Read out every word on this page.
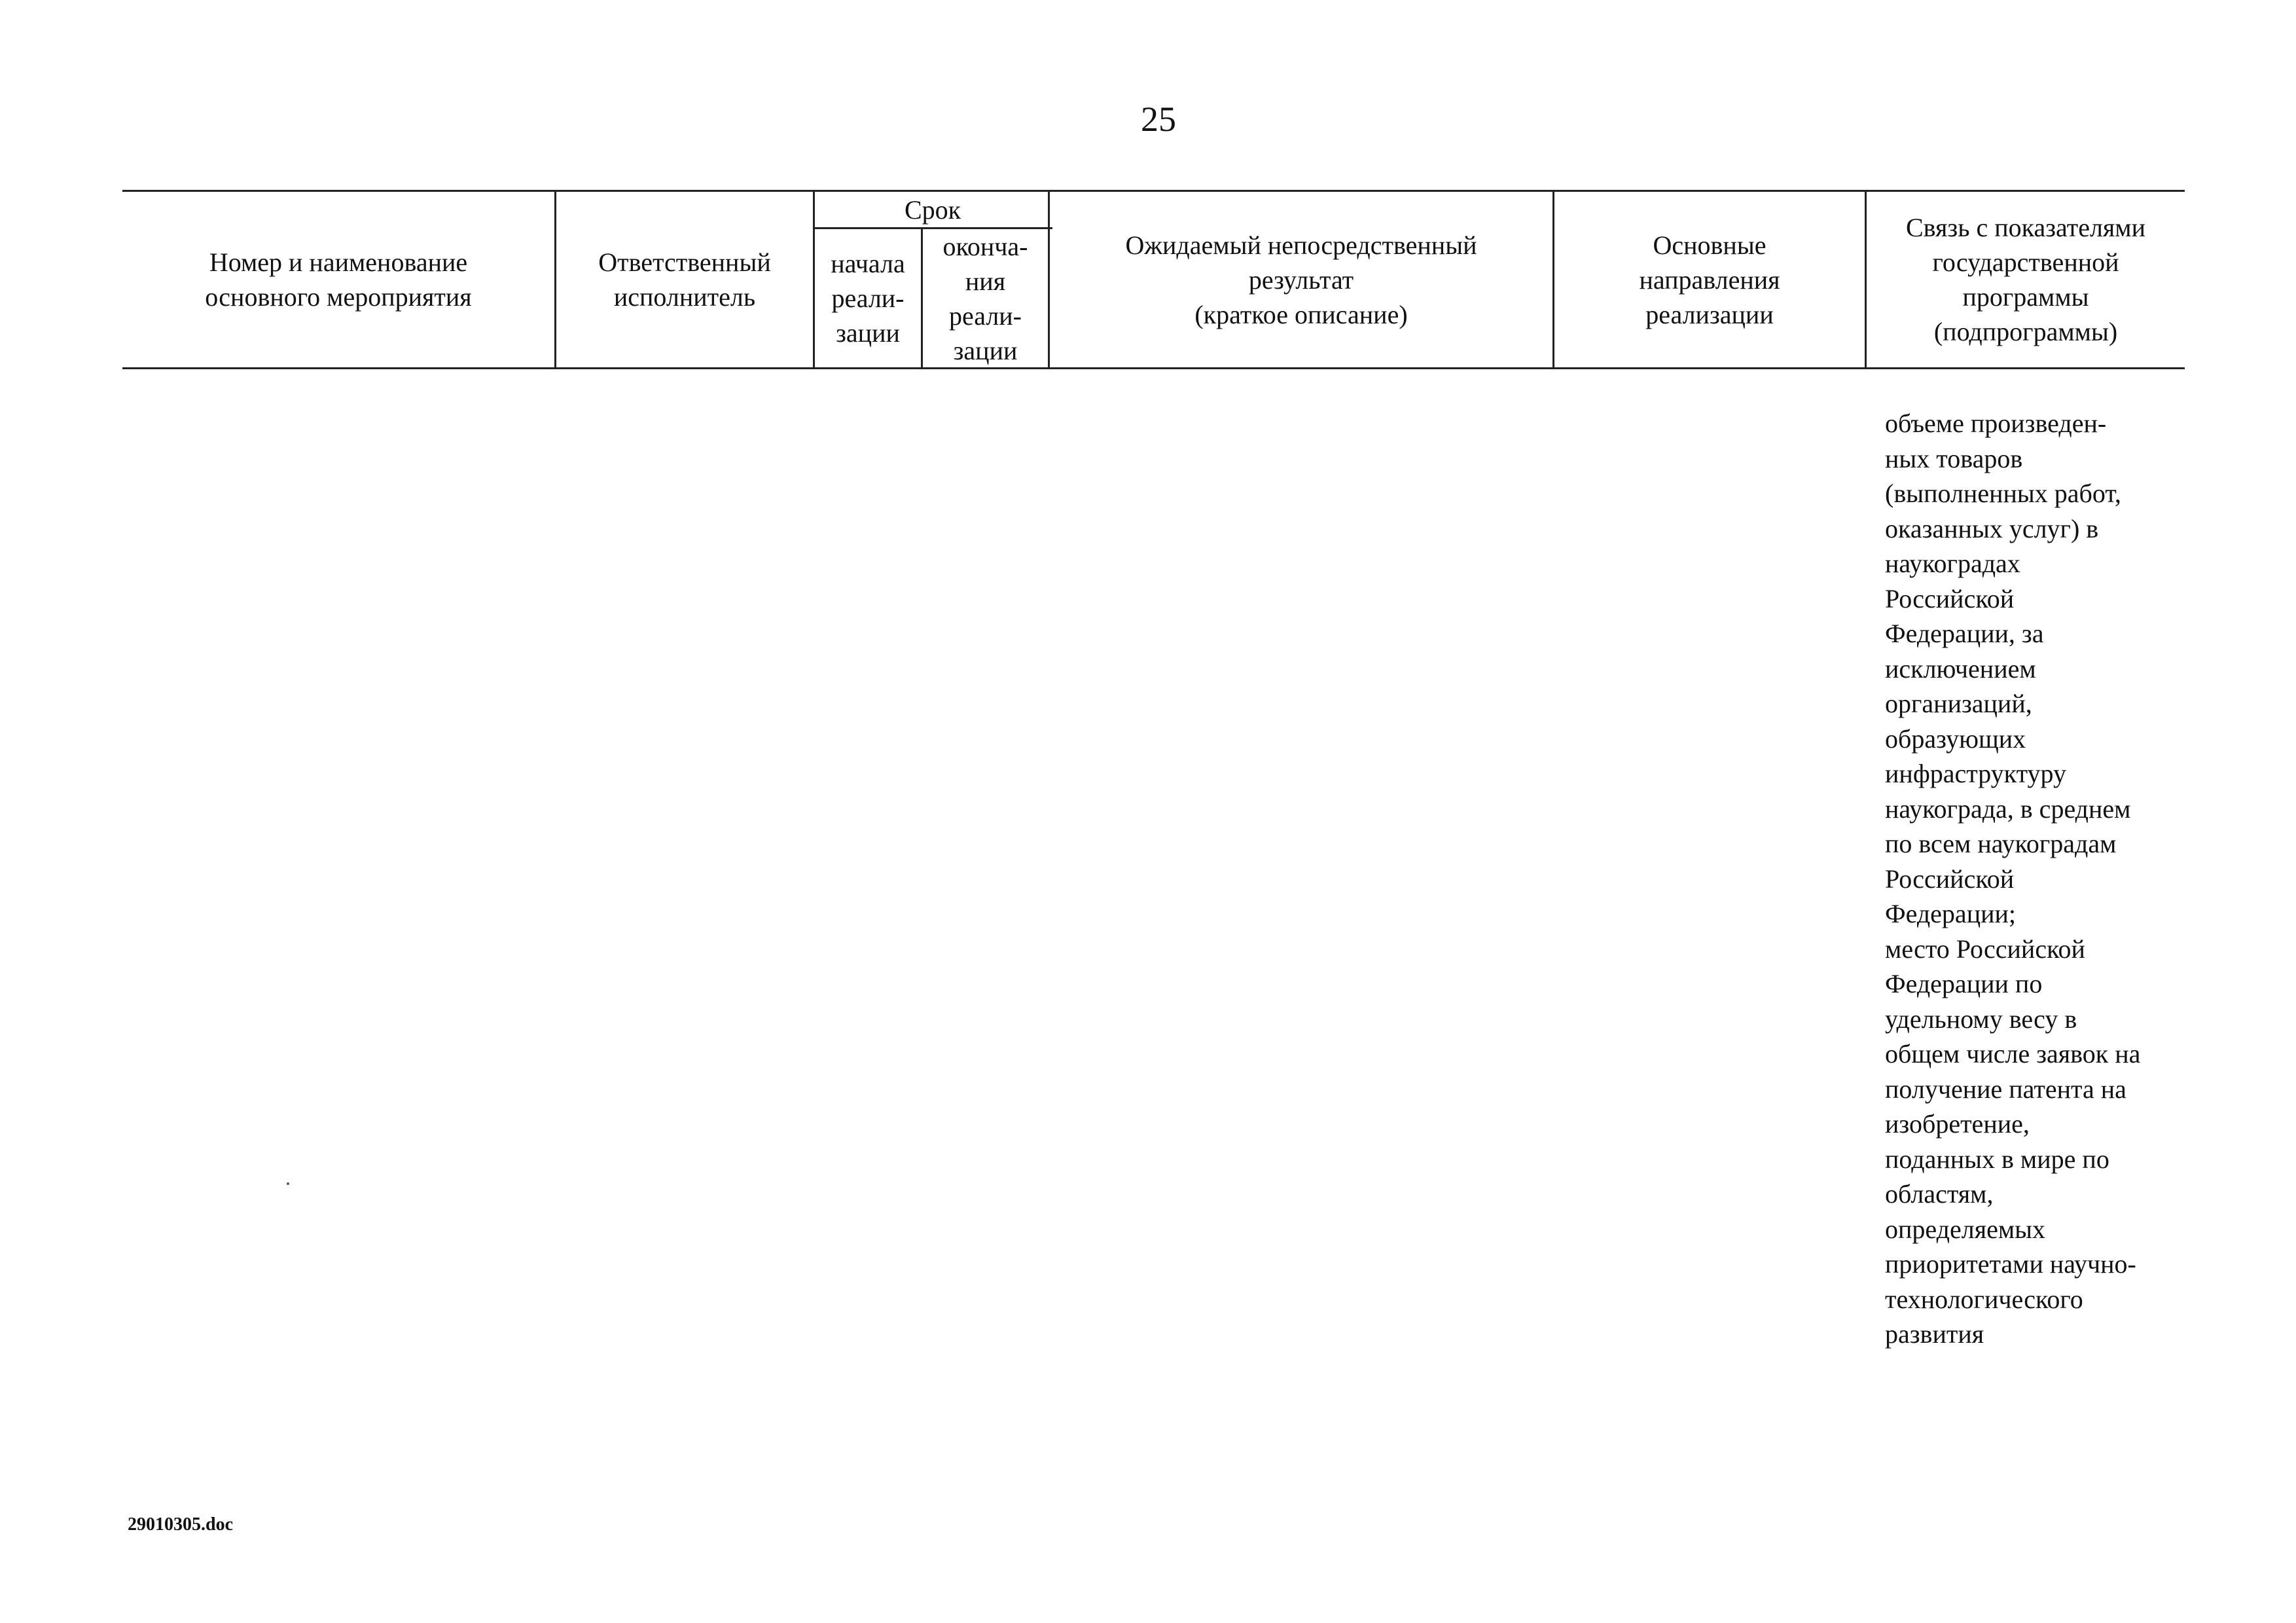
25
Номер и наименование
основного мероприятия
Ответственный
исполнитель
Срок
начала
реали-
зации
оконча-
ния
реали-
зации
Ожидаемый непосредственный
результат
(краткое описание)
Основные
направления
реализации
Связь с показателями
государственной
программы
(подпрограммы)
объеме произведен-
ных товаров
(выполненных работ,
оказанных услуг) в
наукоградах
Российской
Федерации, за
исключением
организаций,
образующих
инфраструктуру
наукограда, в среднем
по всем наукоградам
Российской
Федерации;
место Российской
Федерации по
удельному весу в
общем числе заявок на
получение патента на
изобретение,
поданных в мире по
областям,
определяемых
приоритетами научно-
технологического
развития
29010305.doc
